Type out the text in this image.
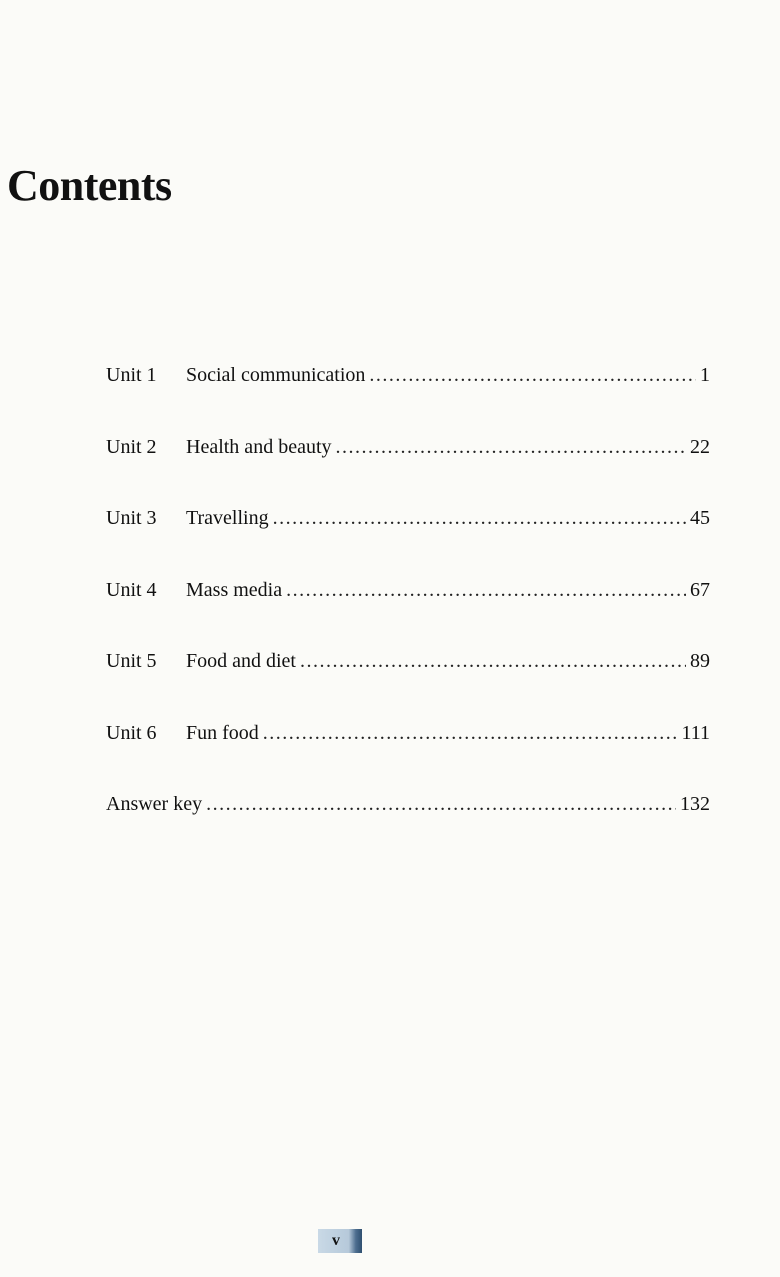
Contents
Unit 1	Social communication .....	1
Unit 2	Health and beauty .....	22
Unit 3	Travelling .....	45
Unit 4	Mass media .....	67
Unit 5	Food and diet .....	89
Unit 6	Fun food .....	111
Answer key .....	132
v
